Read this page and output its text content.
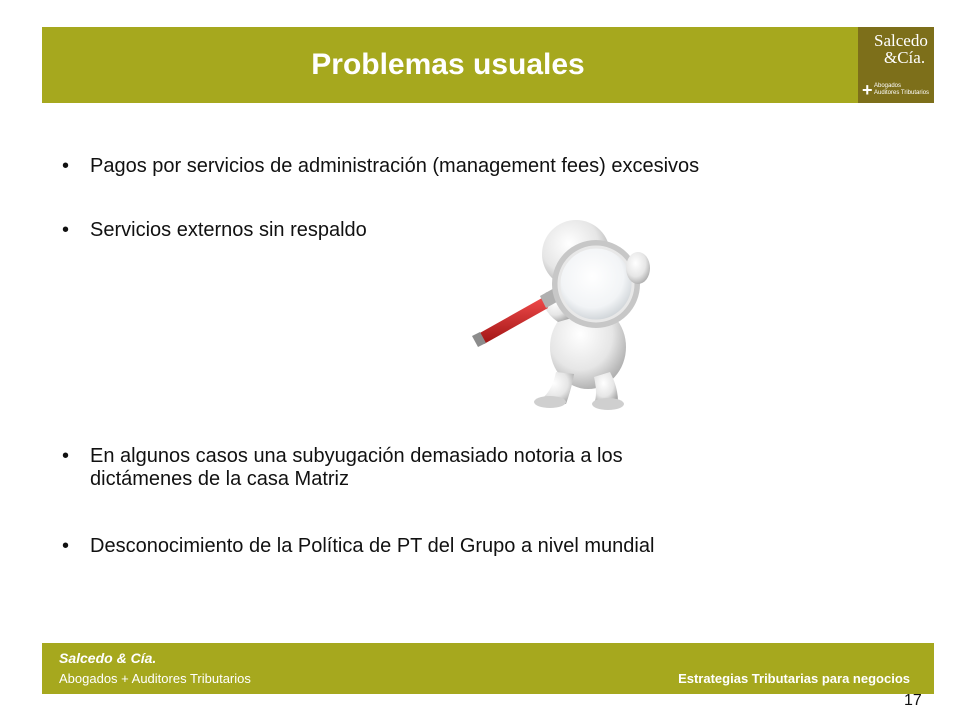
Problemas usuales
Salcedo
&Cía.
+ Abogados
Auditores Tributarios
• Pagos por servicios de administración (management fees) excesivos
• Servicios externos sin respaldo
• En algunos casos una subyugación demasiado notoria a los
dictámenes de la casa Matriz
• Desconocimiento de la Política de PT del Grupo a nivel mundial
Salcedo & Cía.
Abogados + Auditores Tributarios	Estrategias Tributarias para negocios
17
